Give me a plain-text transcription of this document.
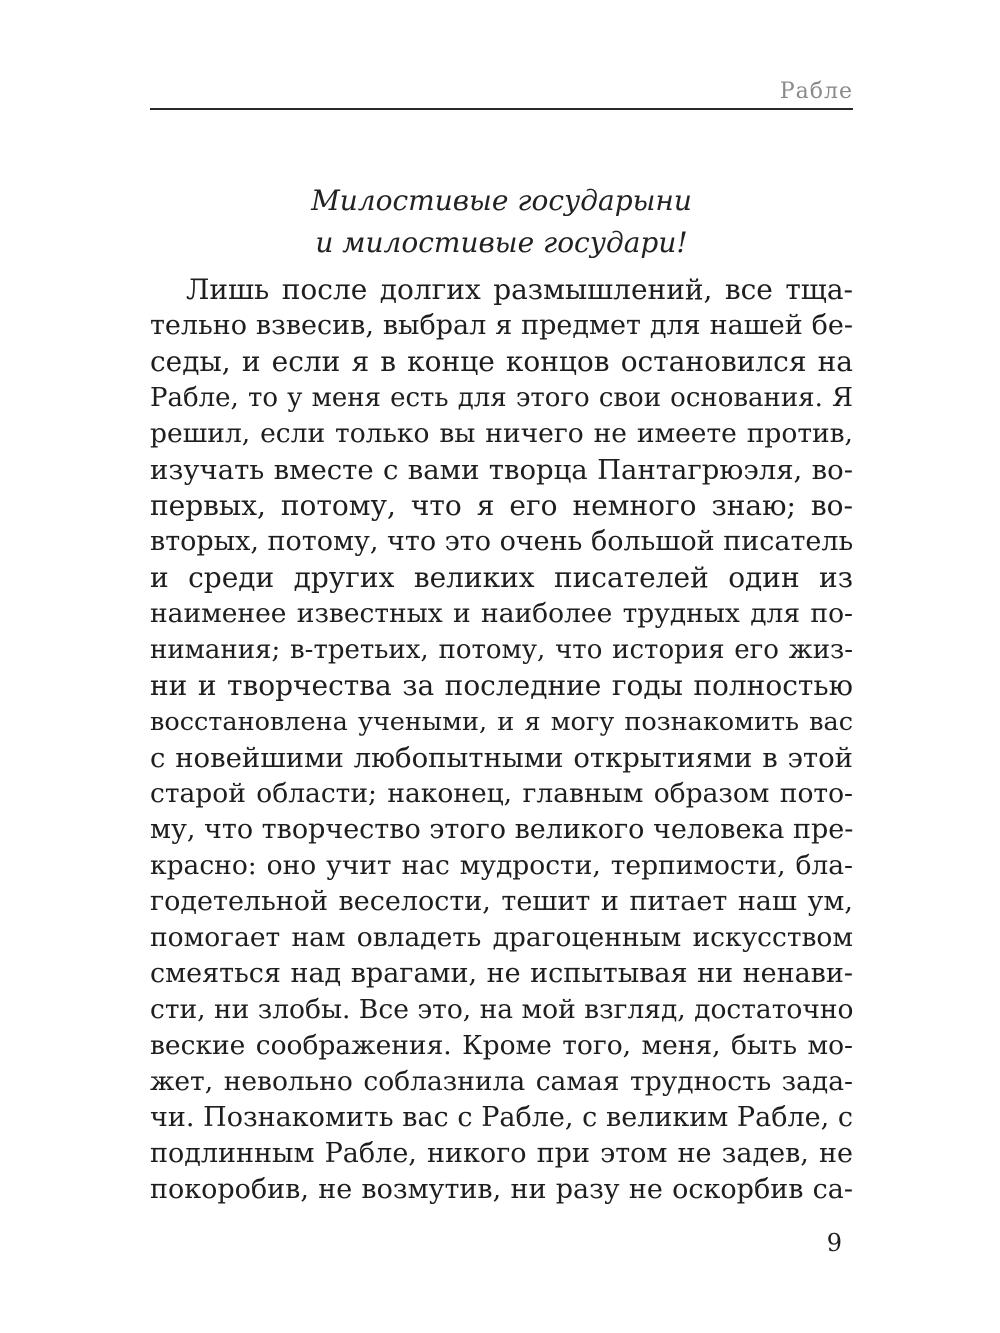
Рабле
Милостивые государыни
и милостивые государи!
Лишь после долгих размышлений, все тща-
тельно взвесив, выбрал я предмет для нашей бе-
седы, и если я в конце концов остановился на
Рабле, то у меня есть для этого свои основания. Я
решил, если только вы ничего не имеете против,
изучать вместе с вами творца Пантагрюэля, во-
первых, потому, что я его немного знаю; во-
вторых, потому, что это очень большой писатель
и среди других великих писателей один из
наименее известных и наиболее трудных для по-
нимания; в-третьих, потому, что история его жиз-
ни и творчества за последние годы полностью
восстановлена учеными, и я могу познакомить вас
с новейшими любопытными открытиями в этой
старой области; наконец, главным образом пото-
му, что творчество этого великого человека пре-
красно: оно учит нас мудрости, терпимости, бла-
годетельной веселости, тешит и питает наш ум,
помогает нам овладеть драгоценным искусством
смеяться над врагами, не испытывая ни ненави-
сти, ни злобы. Все это, на мой взгляд, достаточно
веские соображения. Кроме того, меня, быть мо-
жет, невольно соблазнила самая трудность зада-
чи. Познакомить вас с Рабле, с великим Рабле, с
подлинным Рабле, никого при этом не задев, не
покоробив, не возмутив, ни разу не оскорбив са-
9
